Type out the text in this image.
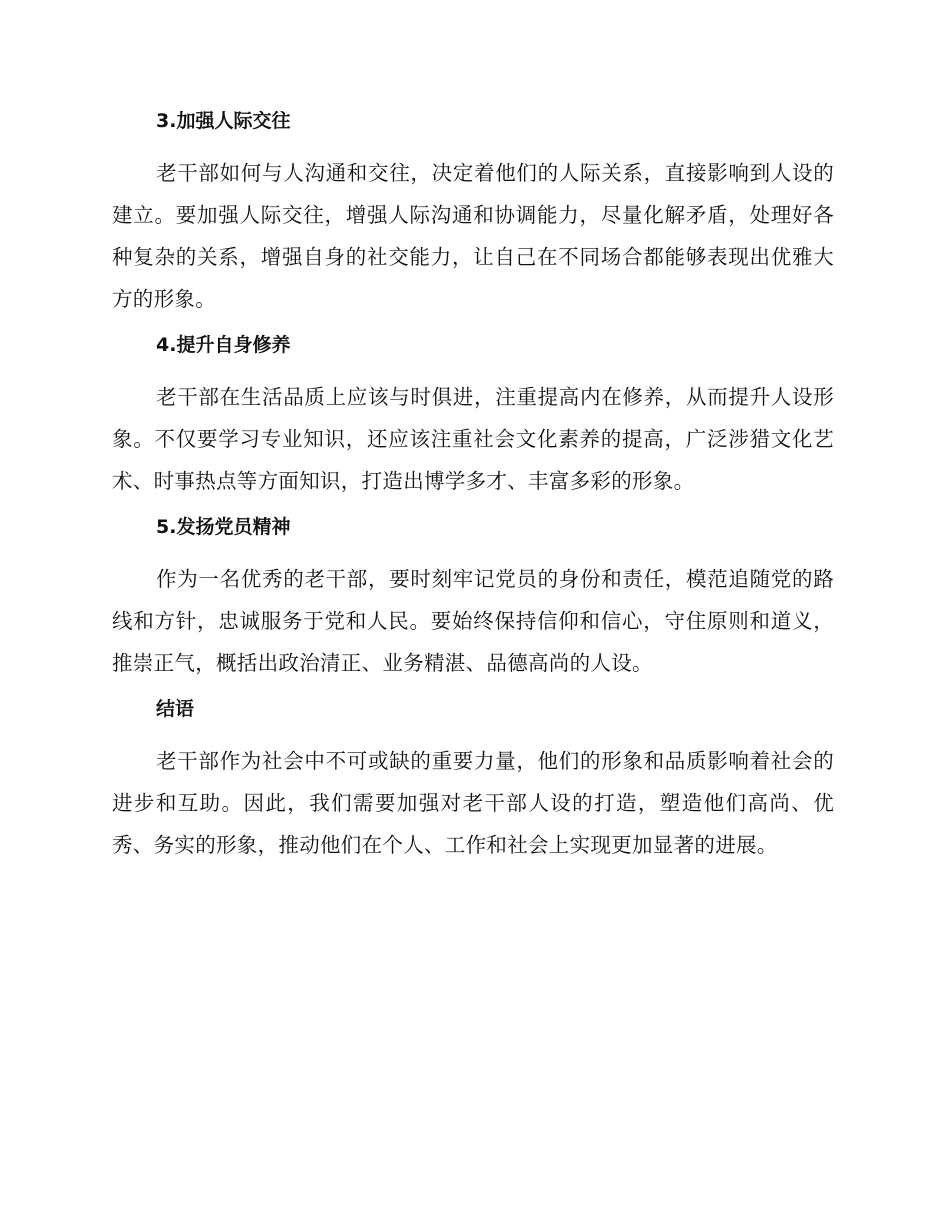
3.加强人际交往

老干部如何与人沟通和交往，决定着他们的人际关系，直接影响到人设的建立。要加强人际交往，增强人际沟通和协调能力，尽量化解矛盾，处理好各种复杂的关系，增强自身的社交能力，让自己在不同场合都能够表现出优雅大方的形象。

4.提升自身修养

老干部在生活品质上应该与时俱进，注重提高内在修养，从而提升人设形象。不仅要学习专业知识，还应该注重社会文化素养的提高，广泛涉猎文化艺术、时事热点等方面知识，打造出博学多才、丰富多彩的形象。

5.发扬党员精神

作为一名优秀的老干部，要时刻牢记党员的身份和责任，模范追随党的路线和方针，忠诚服务于党和人民。要始终保持信仰和信心，守住原则和道义，推崇正气，概括出政治清正、业务精湛、品德高尚的人设。

结语

老干部作为社会中不可或缺的重要力量，他们的形象和品质影响着社会的进步和互助。因此，我们需要加强对老干部人设的打造，塑造他们高尚、优秀、务实的形象，推动他们在个人、工作和社会上实现更加显著的进展。
